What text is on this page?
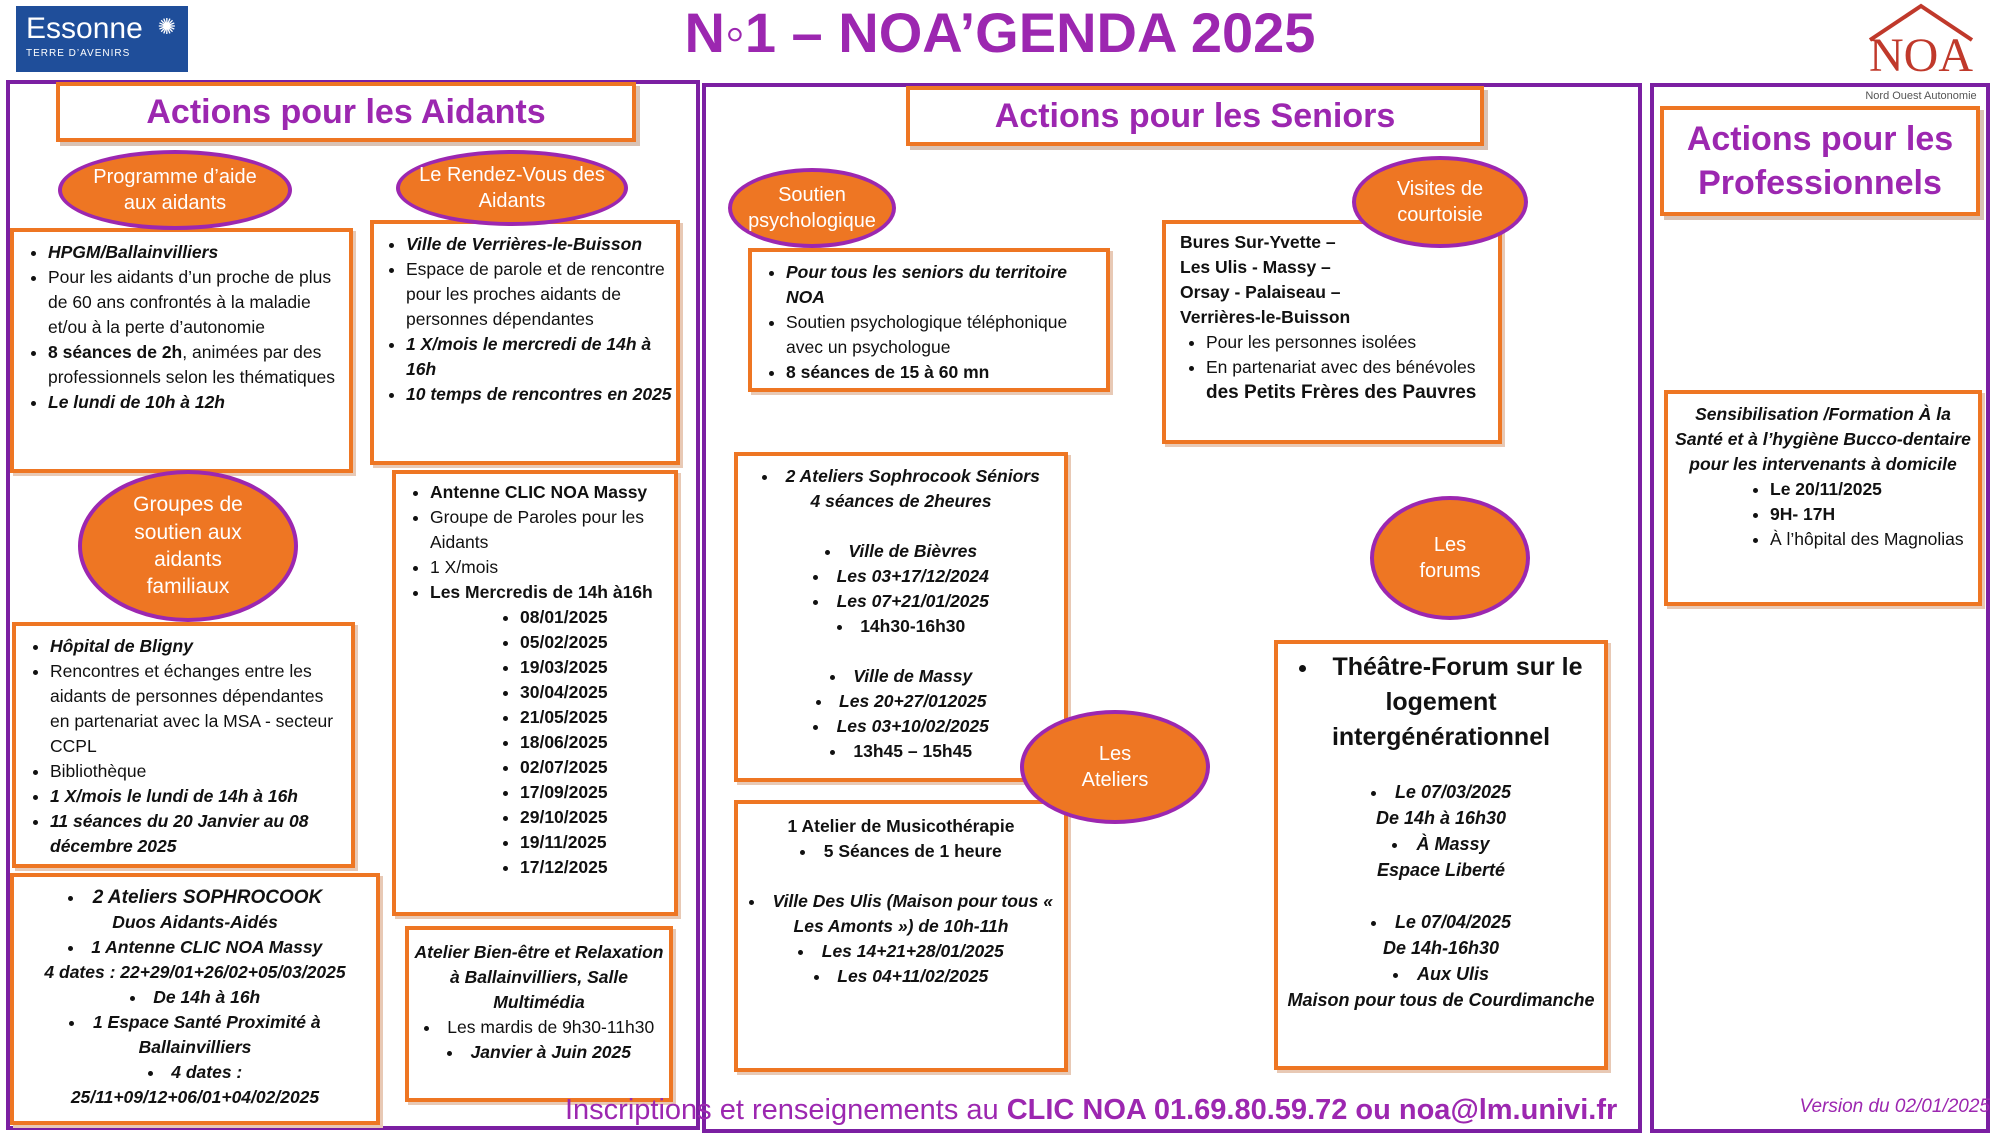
Essonne
TERRE D’AVENIRS
✺	N◦1 – NOA’GENDA 2025	NOA
Nord Ouest Autonomie
Actions pour les Aidants
• HPGM/Ballainvilliers
• Pour les aidants d’un proche de plus de 60 ans confrontés à la maladie et/ou à la perte d’autonomie
• 8 séances de 2h, animées par des professionnels selon les thématiques
• Le lundi de 10h à 12h
Programme d’aide
aux aidants
• Ville de Verrières-le-Buisson
• Espace de parole et de rencontre pour les proches aidants de personnes dépendantes
• 1 X/mois le mercredi de 14h à 16h
• 10 temps de rencontres en 2025
Le Rendez-Vous des
Aidants
Groupes de
soutien aux
aidants
familiaux
• Hôpital de Bligny
• Rencontres et échanges entre les aidants de personnes dépendantes en partenariat avec la MSA - secteur CCPL
• Bibliothèque
• 1 X/mois le lundi de 14h à 16h
• 11 séances du 20 Janvier au 08 décembre 2025
• Antenne CLIC NOA Massy
• Groupe de Paroles pour les Aidants
• 1 X/mois
• Les Mercredis de 14h à16h
• 08/01/2025
• 05/02/2025
• 19/03/2025
• 30/04/2025
• 21/05/2025
• 18/06/2025
• 02/07/2025
• 17/09/2025
• 29/10/2025
• 19/11/2025
• 17/12/2025
• 2 Ateliers SOPHROCOOK
Duos Aidants-Aidés
• 1 Antenne CLIC NOA Massy
4 dates : 22+29/01+26/02+05/03/2025
• De 14h à 16h
• 1 Espace Santé Proximité à Ballainvilliers
• 4 dates :
25/11+09/12+06/01+04/02/2025
Atelier Bien-être et Relaxation à Ballainvilliers, Salle Multimédia
• Les mardis de 9h30-11h30
• Janvier à Juin 2025
Actions pour les Seniors
• Pour tous les seniors du territoire NOA
• Soutien psychologique téléphonique avec un psychologue
• 8 séances de 15 à 60 mn
Soutien
psychologique
Bures Sur-Yvette –
Les Ulis - Massy –
Orsay - Palaiseau –
Verrières-le-Buisson
• Pour les personnes isolées
• En partenariat avec des bénévoles des Petits Frères des Pauvres
Visites de
courtoisie
• 2 Ateliers Sophrocook Séniors
4 séances de 2heures
• Ville de Bièvres
• Les 03+17/12/2024
• Les 07+21/01/2025
• 14h30-16h30
• Ville de Massy
• Les 20+27/012025
• Les 03+10/02/2025
• 13h45 – 15h45
1 Atelier de Musicothérapie
• 5 Séances de 1 heure
• Ville Des Ulis (Maison pour tous « Les Amonts ») de 10h-11h
• Les 14+21+28/01/2025
• Les 04+11/02/2025
Les
Ateliers
Les
forums
• Théâtre-Forum sur le logement intergénérationnel
• Le 07/03/2025
De 14h à 16h30
• À Massy
Espace Liberté
• Le 07/04/2025
De 14h-16h30
• Aux Ulis
Maison pour tous de Courdimanche
Actions pour les Professionnels
Sensibilisation /Formation À la Santé et à l’hygiène Bucco-dentaire pour les intervenants à domicile
• Le 20/11/2025
• 9H- 17H
• À l’hôpital des Magnolias
Inscriptions et renseignements au CLIC NOA 01.69.80.59.72 ou noa@lm.univi.fr	Version du 02/01/2025
